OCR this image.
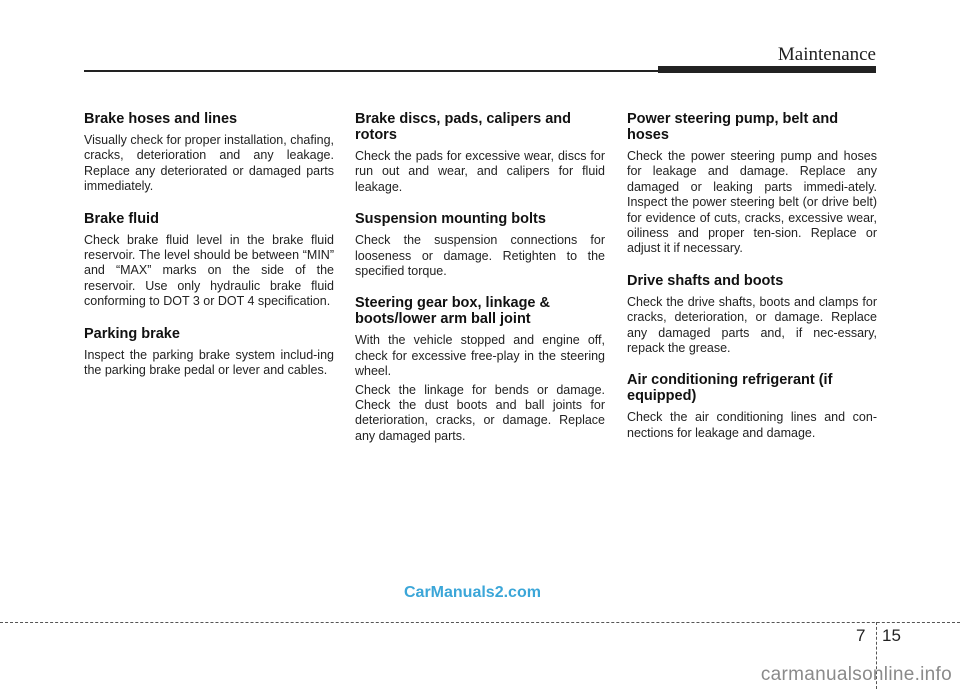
Maintenance
Brake hoses and lines

Visually check for proper installation, chafing, cracks, deterioration and any leakage. Replace any deteriorated or damaged parts immediately.

Brake fluid

Check brake fluid level in the brake fluid reservoir. The level should be between “MIN” and “MAX” marks on the side of the reservoir. Use only hydraulic brake fluid conforming to DOT 3 or DOT 4 specification.

Parking brake

Inspect the parking brake system includ-ing the parking brake pedal or lever and cables.

Brake discs, pads, calipers and rotors

Check the pads for excessive wear, discs for run out and wear, and calipers for fluid leakage.

Suspension mounting bolts

Check the suspension connections for looseness or damage. Retighten to the specified torque.

Steering gear box, linkage & boots/lower arm ball joint

With the vehicle stopped and engine off, check for excessive free-play in the steering wheel.

Check the linkage for bends or damage. Check the dust boots and ball joints for deterioration, cracks, or damage. Replace any damaged parts.

Power steering pump, belt and hoses

Check the power steering pump and hoses for leakage and damage. Replace any damaged or leaking parts immedi-ately. Inspect the power steering belt (or drive belt) for evidence of cuts, cracks, excessive wear, oiliness and proper ten-sion. Replace or adjust it if necessary.

Drive shafts and boots

Check the drive shafts, boots and clamps for cracks, deterioration, or damage. Replace any damaged parts and, if nec-essary, repack the grease.

Air conditioning refrigerant (if equipped)

Check the air conditioning lines and con-nections for leakage and damage.

CarManuals2.com
7 15
carmanualsonline.info
